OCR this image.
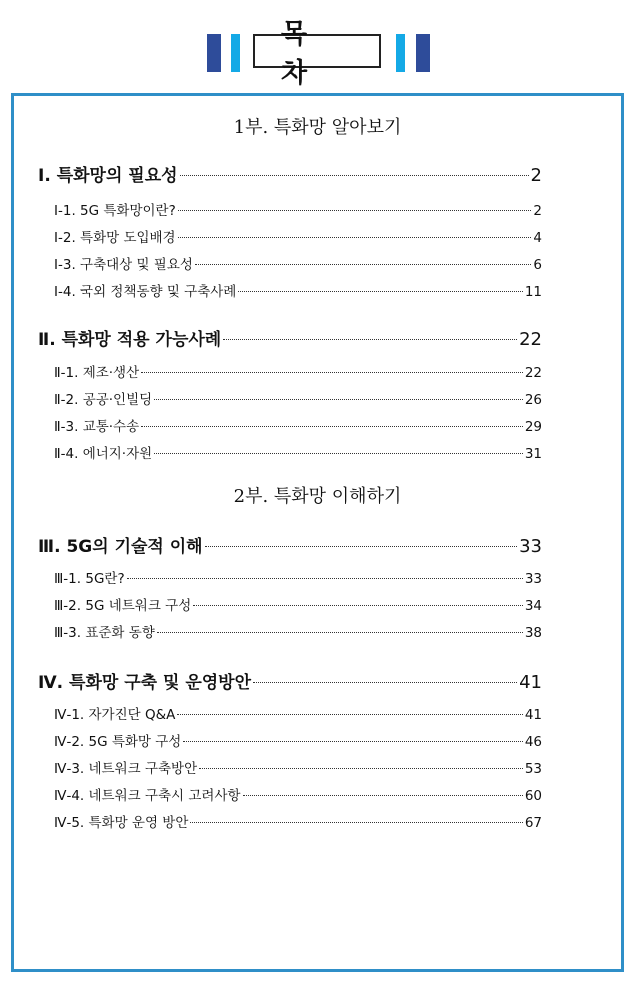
목 차
1부. 특화망 알아보기
Ⅰ. 특화망의 필요성	2
Ⅰ-1. 5G 특화망이란?	2
Ⅰ-2. 특화망 도입배경	4
Ⅰ-3. 구축대상 및 필요성	6
Ⅰ-4. 국외 정책동향 및 구축사례	11
Ⅱ. 특화망 적용 가능사례	22
Ⅱ-1. 제조·생산	22
Ⅱ-2. 공공·인빌딩	26
Ⅱ-3. 교통·수송	29
Ⅱ-4. 에너지·자원	31
2부. 특화망 이해하기
Ⅲ. 5G의 기술적 이해	33
Ⅲ-1. 5G란?	33
Ⅲ-2. 5G 네트워크 구성	34
Ⅲ-3. 표준화 동향	38
Ⅳ. 특화망 구축 및 운영방안	41
Ⅳ-1. 자가진단 Q&A	41
Ⅳ-2. 5G 특화망 구성	46
Ⅳ-3. 네트워크 구축방안	53
Ⅳ-4. 네트워크 구축시 고려사항	60
Ⅳ-5. 특화망 운영 방안	67
